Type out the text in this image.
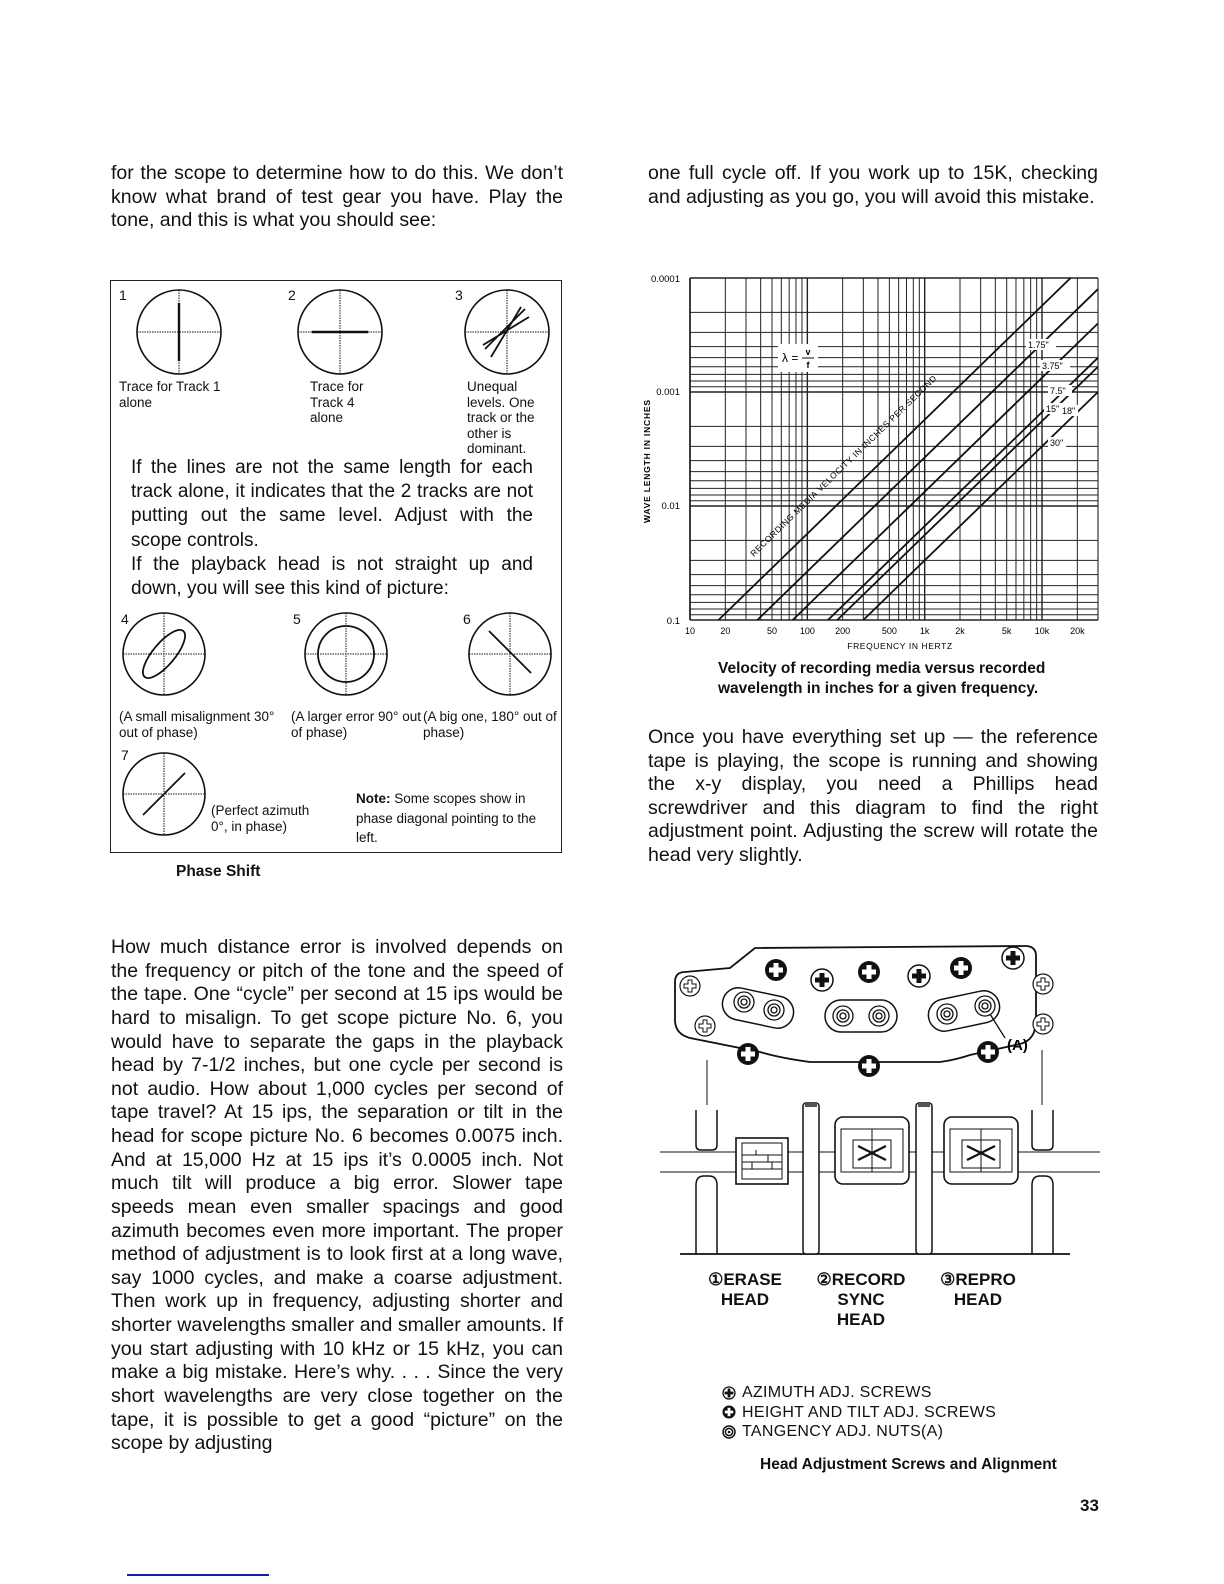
for the scope to determine how to do this. We don’t know what brand of test gear you have. Play the tone, and this is what you should see:

1
Trace for Track 1 alone
2
Trace for Track 4 alone
3
Unequal levels. One track or the other is dominant.

If the lines are not the same length for each track alone, it indicates that the 2 tracks are not putting out the same level. Adjust with the scope controls.

If the playback head is not straight up and down, you will see this kind of picture:

4
(A small misalignment 30° out of phase)
5
(A larger error 90° out of phase)
6
(A big one, 180° out of phase)
7
(Perfect azimuth 0°, in phase)
Note: Some scopes show in phase diagonal pointing to the left.
Phase Shift

How much distance error is involved depends on the frequency or pitch of the tone and the speed of the tape. One “cycle” per second at 15 ips would be hard to misalign. To get scope picture No. 6, you would have to separate the gaps in the playback head by 7-1/2 inches, but one cycle per second is not audio. How about 1,000 cycles per second of tape travel? At 15 ips, the separation or tilt in the head for scope picture No. 6 becomes 0.0075 inch. And at 15,000 Hz at 15 ips it’s 0.0005 inch. Not much tilt will produce a big error. Slower tape speeds mean even smaller spacings and good azimuth becomes even more important. The proper method of adjustment is to look first at a long wave, say 1000 cycles, and make a coarse adjustment. Then work up in frequency, adjusting shorter and shorter wavelengths smaller and smaller amounts. If you start adjusting with 10 kHz or 15 kHz, you can make a big mistake. Here’s why. . . . Since the very short wavelengths are very close together on the tape, it is possible to get a good “picture” on the scope by adjusting

one full cycle off. If you work up to 15K, checking and adjusting as you go, you will avoid this mistake.

0.0001
0.001
0.01
0.1
WAVE LENGTH IN INCHES
10	20	50	100 200	500	1k	2k	5k	10k 20k
FREQUENCY IN HERTZ
λ = v
f
1.75"
3.75"
7.5"
15" 18"
30"
RECORDING MEDIA VELOCITY IN INCHES PER SECOND
Velocity of recording media versus recorded wavelength in inches for a given frequency.

Once you have everything set up — the reference tape is playing, the scope is running and showing the x-y display, you need a Phillips head screwdriver and this diagram to find the right adjustment point. Adjusting the screw will rotate the head very slightly.

(A)
①ERASE
HEAD
②RECORD
SYNC
HEAD
③REPRO
HEAD
AZIMUTH ADJ. SCREWS
HEIGHT AND TILT ADJ. SCREWS
TANGENCY ADJ. NUTS(A)
Head Adjustment Screws and Alignment
33
